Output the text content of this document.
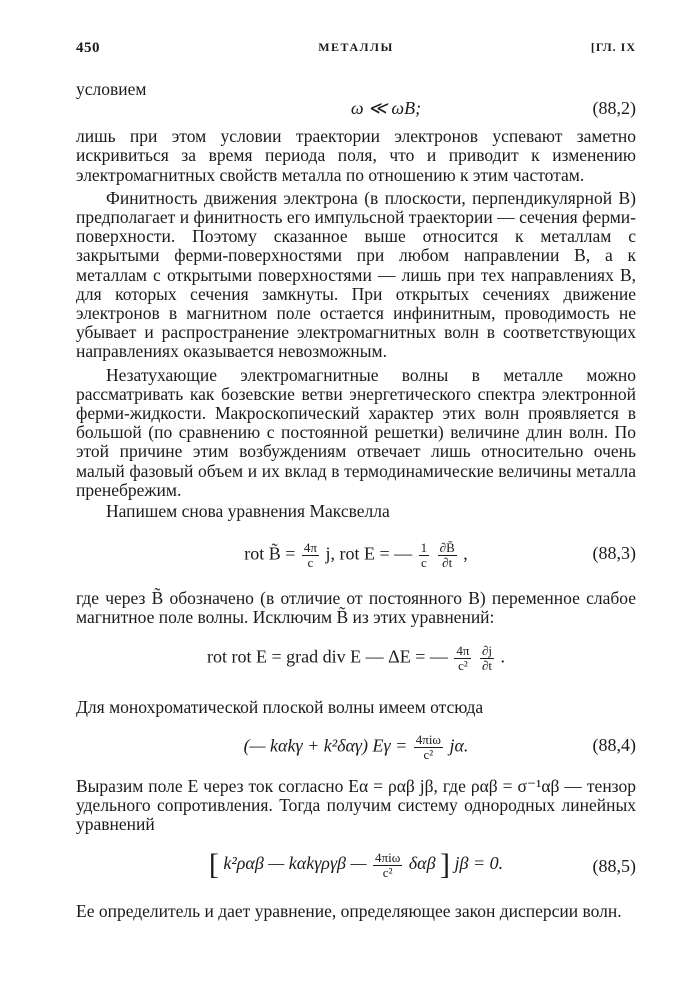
450	МЕТАЛЛЫ	[ГЛ. IX

условием

ω ≪ ωB;	(88,2)

лишь при этом условии траектории электронов успевают заметно искривиться за время периода поля, что и приводит к изменению электромагнитных свойств металла по отношению к этим частотам.

Финитность движения электрона (в плоскости, перпендикулярной B) предполагает и финитность его импульсной траектории — сечения ферми-поверхности. Поэтому сказанное выше относится к металлам с закрытыми ферми-поверхностями при любом направлении B, а к металлам с открытыми поверхностями — лишь при тех направлениях B, для которых сечения замкнуты. При открытых сечениях движение электронов в магнитном поле остается инфинитным, проводимость не убывает и распространение электромагнитных волн в соответствующих направлениях оказывается невозможным.

Незатухающие электромагнитные волны в металле можно рассматривать как бозевские ветви энергетического спектра электронной ферми-жидкости. Макроскопический характер этих волн проявляется в большой (по сравнению с постоянной решетки) величине длин волн. По этой причине этим возбуждениям отвечает лишь относительно очень малый фазовый объем и их вклад в термодинамические величины металла пренебрежим.

Напишем снова уравнения Максвелла

rot B̃ = $\frac{4\pi}{c} j$, rot E = — $\frac{1}{c}$
$\frac{\partial B̃}{\partial t}$ ,	(88,3)

где через B̃ обозначено (в отличие от постоянного B) переменное слабое магнитное поле волны. Исключим B̃ из этих уравнений:

rot rot E = grad div E — ΔE = — $\frac{4\pi}{\text{c²}}$
$\frac{\partial j}{\partial t}$ .

Для монохроматической плоской волны имеем отсюда

(— kαkγ + k²δαγ) $E\gamma = \frac{\text{4πiω}}{\text{c²}} j\alpha$.	(88,4)

Выразим поле E через ток согласно Eα = ραβ jβ, где ραβ = σ⁻¹αβ — тензор удельного сопротивления. Тогда получим систему однородных линейных уравнений

[ k²ραβ — kαkγργβ — $\frac{\text{4πiω}}{\text{c²}}$ δαβ ] jβ = 0.	(88,5)

Ее определитель и дает уравнение, определяющее закон дисперсии волн.
